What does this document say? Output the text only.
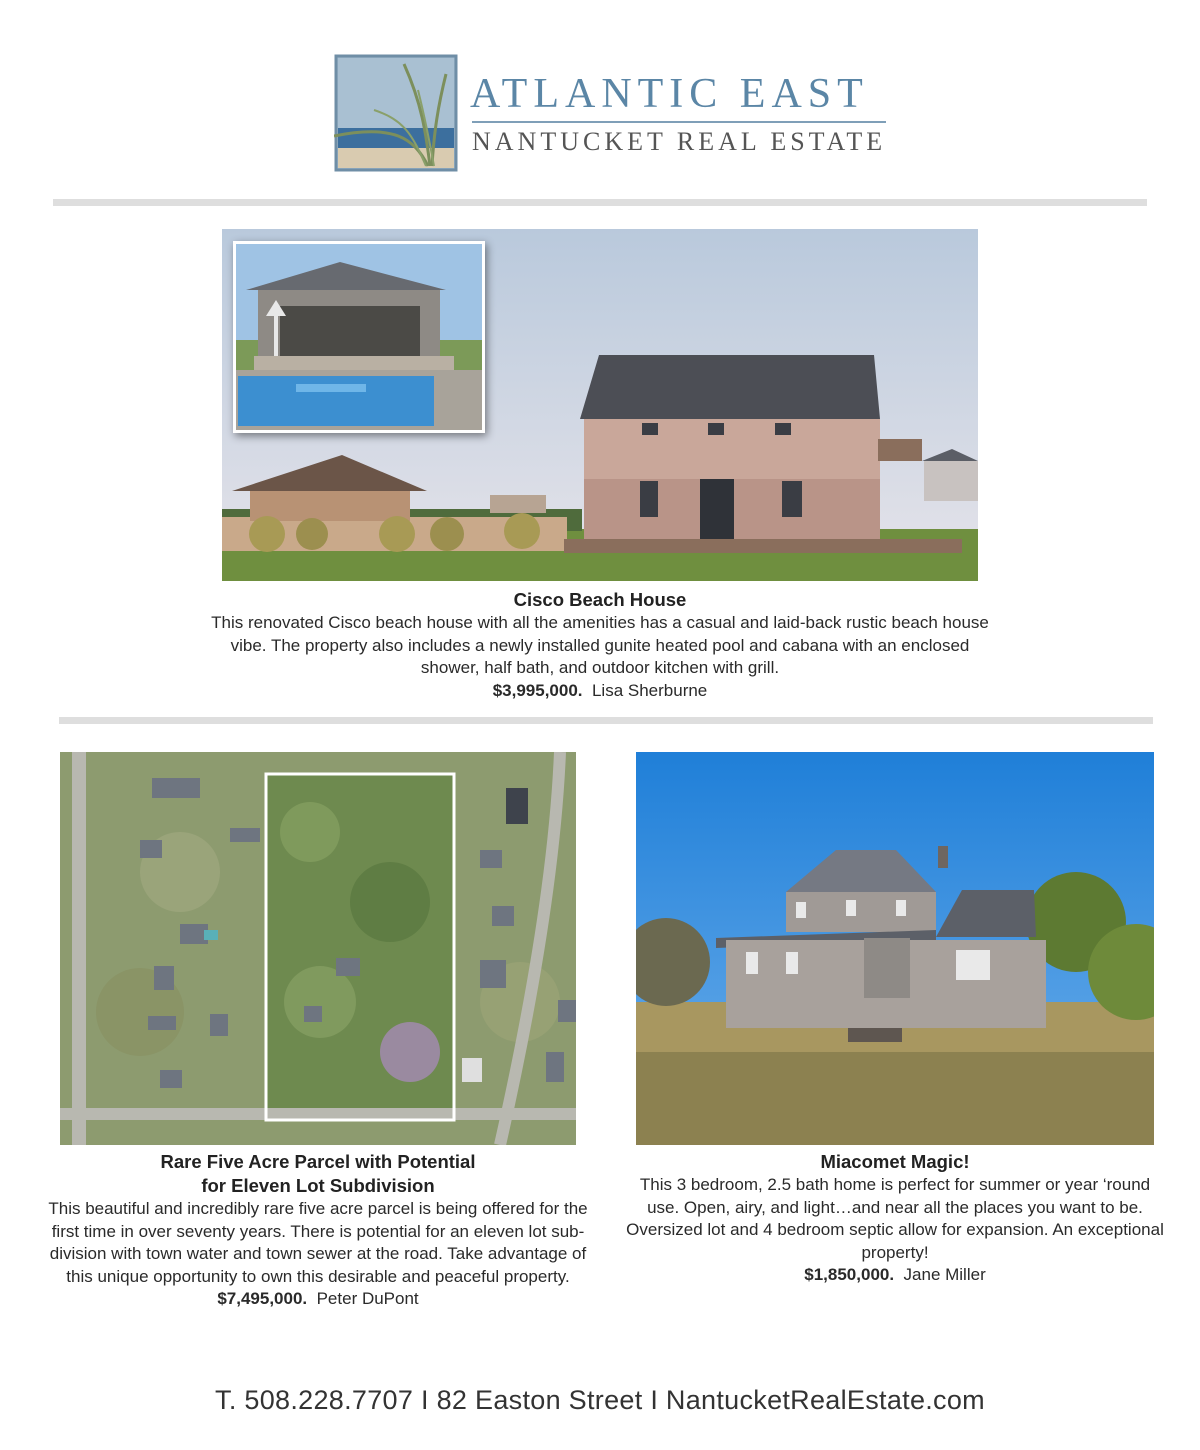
ATLANTIC EAST
NANTUCKET REAL ESTATE
Cisco Beach House
This renovated Cisco beach house with all the amenities has a casual and laid-back rustic beach house vibe. The property also includes a newly installed gunite heated pool and cabana with an enclosed shower, half bath, and outdoor kitchen with grill.
$3,995,000. Lisa Sherburne
Rare Five Acre Parcel with Potential
for Eleven Lot Subdivision
This beautiful and incredibly rare five acre parcel is being offered for the first time in over seventy years. There is potential for an eleven lot sub-division with town water and town sewer at the road. Take advantage of this unique opportunity to own this desirable and peaceful property.
$7,495,000. Peter DuPont
Miacomet Magic!
This 3 bedroom, 2.5 bath home is perfect for summer or year ‘round use. Open, airy, and light…and near all the places you want to be. Oversized lot and 4 bedroom septic allow for expansion. An exceptional property!
$1,850,000. Jane Miller
T. 508.228.7707 I 82 Easton Street I NantucketRealEstate.com
